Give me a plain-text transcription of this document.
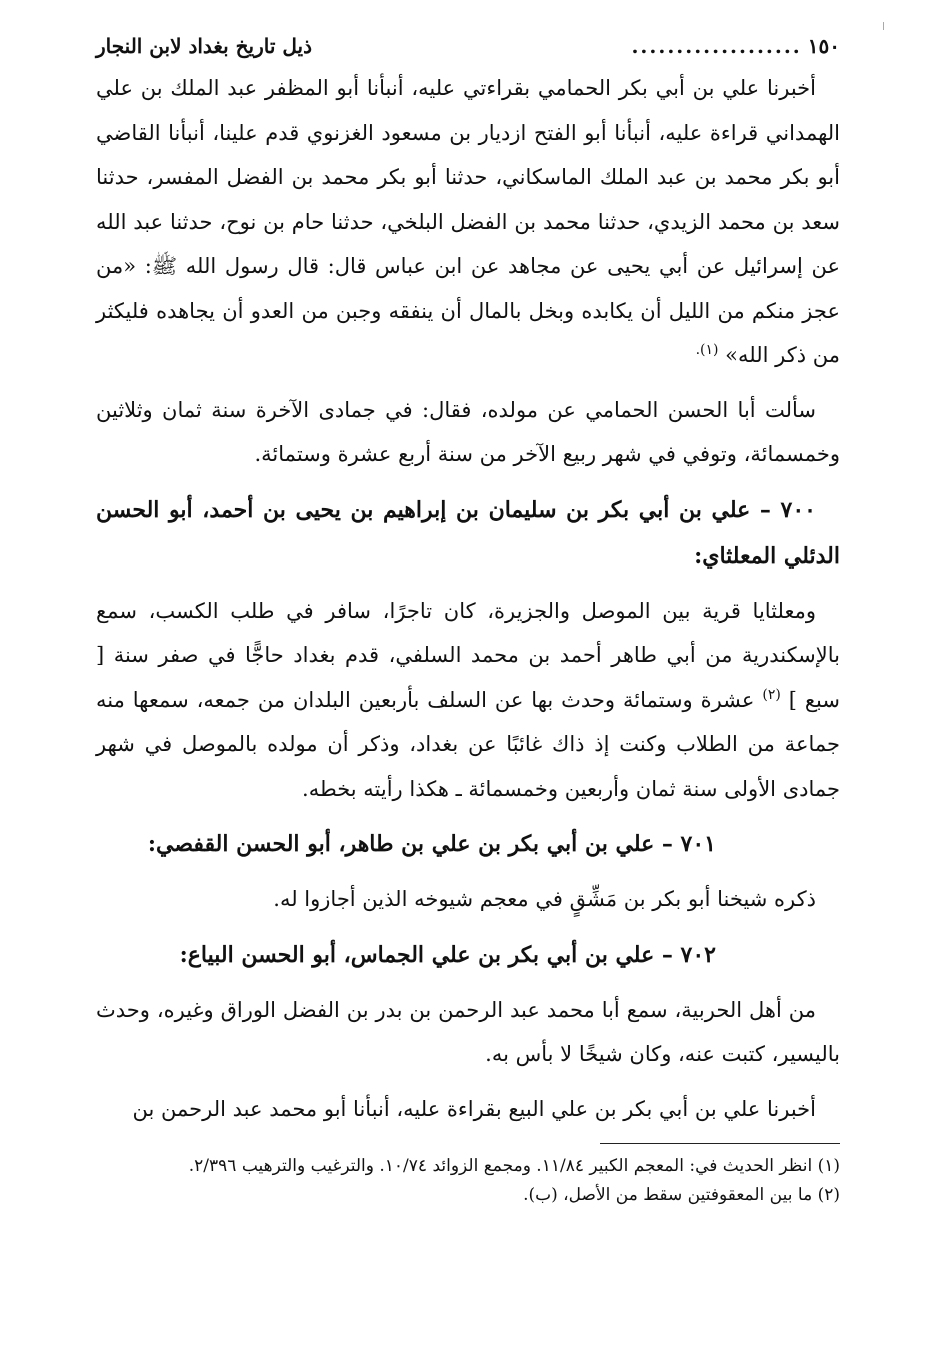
١٥٠
...................
ذيل تاريخ بغداد لابن النجار

أخبرنا علي بن أبي بكر الحمامي بقراءتي عليه، أنبأنا أبو المظفر عبد الملك بن علي الهمداني قراءة عليه، أنبأنا أبو الفتح ازديار بن مسعود الغزنوي قدم علينا، أنبأنا القاضي أبو بكر محمد بن عبد الملك الماسكاني، حدثنا أبو بكر محمد بن الفضل المفسر، حدثنا سعد بن محمد الزيدي، حدثنا محمد بن الفضل البلخي، حدثنا حام بن نوح، حدثنا عبد الله عن إسرائيل عن أبي يحيى عن مجاهد عن ابن عباس قال: قال رسول الله ﷺ: «من عجز منكم من الليل أن يكابده وبخل بالمال أن ينفقه وجبن من العدو أن يجاهده فليكثر من ذكر الله» $^{(١).}$

سألت أبا الحسن الحمامي عن مولده، فقال: في جمادى الآخرة سنة ثمان وثلاثين وخمسمائة، وتوفي في شهر ربيع الآخر من سنة أربع عشرة وستمائة.

٧٠٠ – علي بن أبي بكر بن سليمان بن إبراهيم بن يحيى بن أحمد، أبو الحسن الدئلي المعلثاي:

ومعلثايا قرية بين الموصل والجزيرة، كان تاجرًا، سافر في طلب الكسب، سمع بالإسكندرية من أبي طاهر أحمد بن محمد السلفي، قدم بغداد حاجًّا في صفر سنة [ سبع ] $^{(٢)}$ عشرة وستمائة وحدث بها عن السلف بأربعين البلدان من جمعه، سمعها منه جماعة من الطلاب وكنت إذ ذاك غائبًا عن بغداد، وذكر أن مولده بالموصل في شهر جمادى الأولى سنة ثمان وأربعين وخمسمائة ـ هكذا رأيته بخطه.

٧٠١ – علي بن أبي بكر بن علي بن طاهر، أبو الحسن القفصي:

ذكره شيخنا أبو بكر بن مَشِّقٍ في معجم شيوخه الذين أجازوا له.

٧٠٢ – علي بن أبي بكر بن علي الجماس، أبو الحسن البياع:

من أهل الحربية، سمع أبا محمد عبد الرحمن بن بدر بن الفضل الوراق وغيره، وحدث باليسير، كتبت عنه، وكان شيخًا لا بأس به.

أخبرنا علي بن أبي بكر بن علي البيع بقراءة عليه، أنبأنا أبو محمد عبد الرحمن بن

(١) انظر الحديث في: المعجم الكبير ١١/٨٤. ومجمع الزوائد ١٠/٧٤. والترغيب والترهيب ٢/٣٩٦.

(٢) ما بين المعقوفتين سقط من الأصل، (ب).
